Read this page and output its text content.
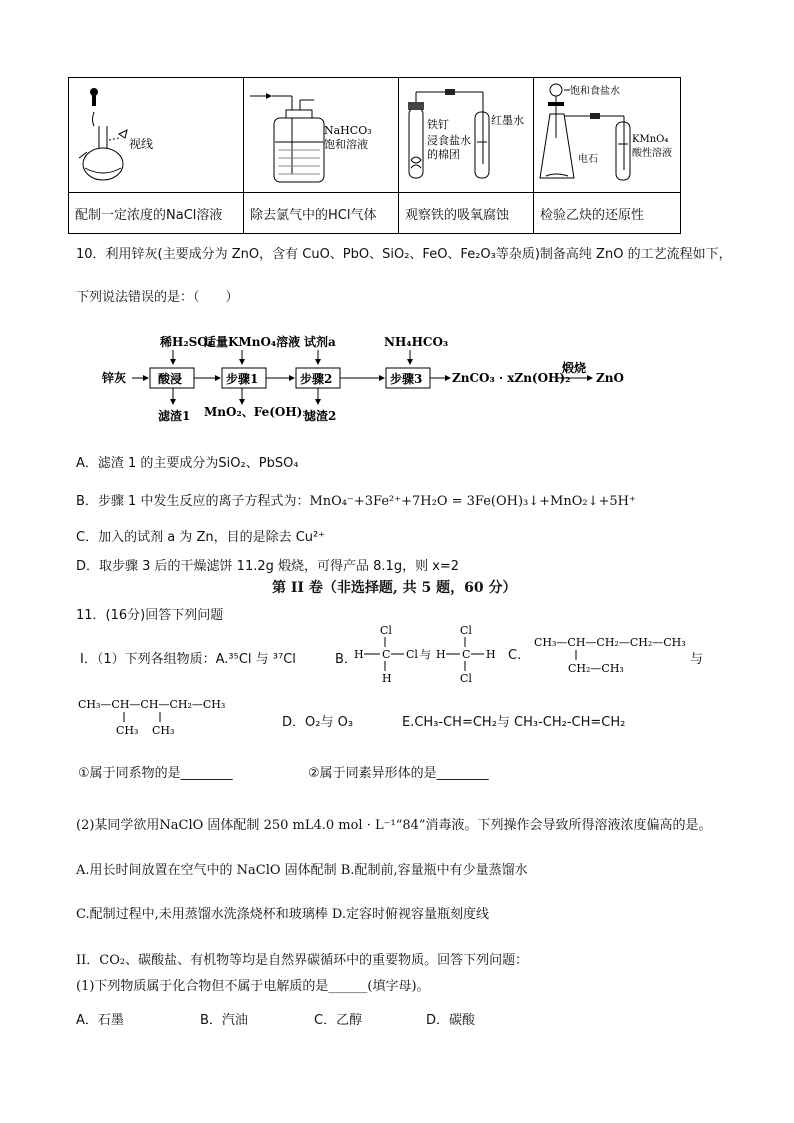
视线	NaHCO₃
饱和溶液	铁钉
浸食盐水
的棉团
红墨水	饱和食盐水
电石
KMnO₄
酸性溶液

配制一定浓度的NaCl溶液	除去氯气中的HCl气体	观察铁的吸氧腐蚀	检验乙炔的还原性
10．利用锌灰(主要成分为 ZnO，含有 CuO、PbO、SiO₂、FeO、Fe₂O₃等杂质)制备高纯 ZnO 的工艺流程如下，
下列说法错误的是：（　　）
稀H₂SO₄
适量KMnO₄溶液 试剂a	NH₄HCO₃
锌灰	酸浸	步骤1	步骤2	步骤3 ZnCO₃ · xZn(OH)₂
煅烧
ZnO
滤渣1 MnO₂、Fe(OH)₃
滤渣2
A．滤渣 1 的主要成分为SiO₂、PbSO₄
B．步骤 1 中发生反应的离子方程式为：MnO₄⁻+3Fe²⁺+7H₂O = 3Fe(OH)₃↓+MnO₂↓+5H⁺
C．加入的试剂 a 为 Zn，目的是除去 Cu²⁺
D．取步骤 3 后的干燥滤饼 11.2g 煅烧，可得产品 8.1g，则 x=2
第 II 卷（非选择题, 共 5 题，60 分）
11．(16分)回答下列问题
I．（1）下列各组物质：A.³⁵Cl 与 ³⁷Cl	B．
Cl
H C Cl
H
与
Cl
H C H
Cl
C.
CH₃—CH—CH₂—CH₂—CH₃
CH₂—CH₃
与
CH₃—CH—CH—CH₂—CH₃
CH₃ CH₃
D．O₂与 O₃	E.CH₃-CH=CH₂与 CH₃-CH₂-CH=CH₂
①属于同系物的是________	②属于同素异形体的是________
(2)某同学欲用NaClO 固体配制 250 mL4.0 mol · L⁻¹“84”消毒液。下列操作会导致所得溶液浓度偏高的是。
A.用长时间放置在空气中的 NaClO 固体配制 B.配制前,容量瓶中有少量蒸馏水
C.配制过程中,未用蒸馏水洗涤烧杯和玻璃棒 D.定容时俯视容量瓶刻度线
II．CO₂、碳酸盐、有机物等均是自然界碳循环中的重要物质。回答下列问题：
(1)下列物质属于化合物但不属于电解质的是______(填字母)。
A．石墨	B．汽油	C．乙醇	D．碳酸
